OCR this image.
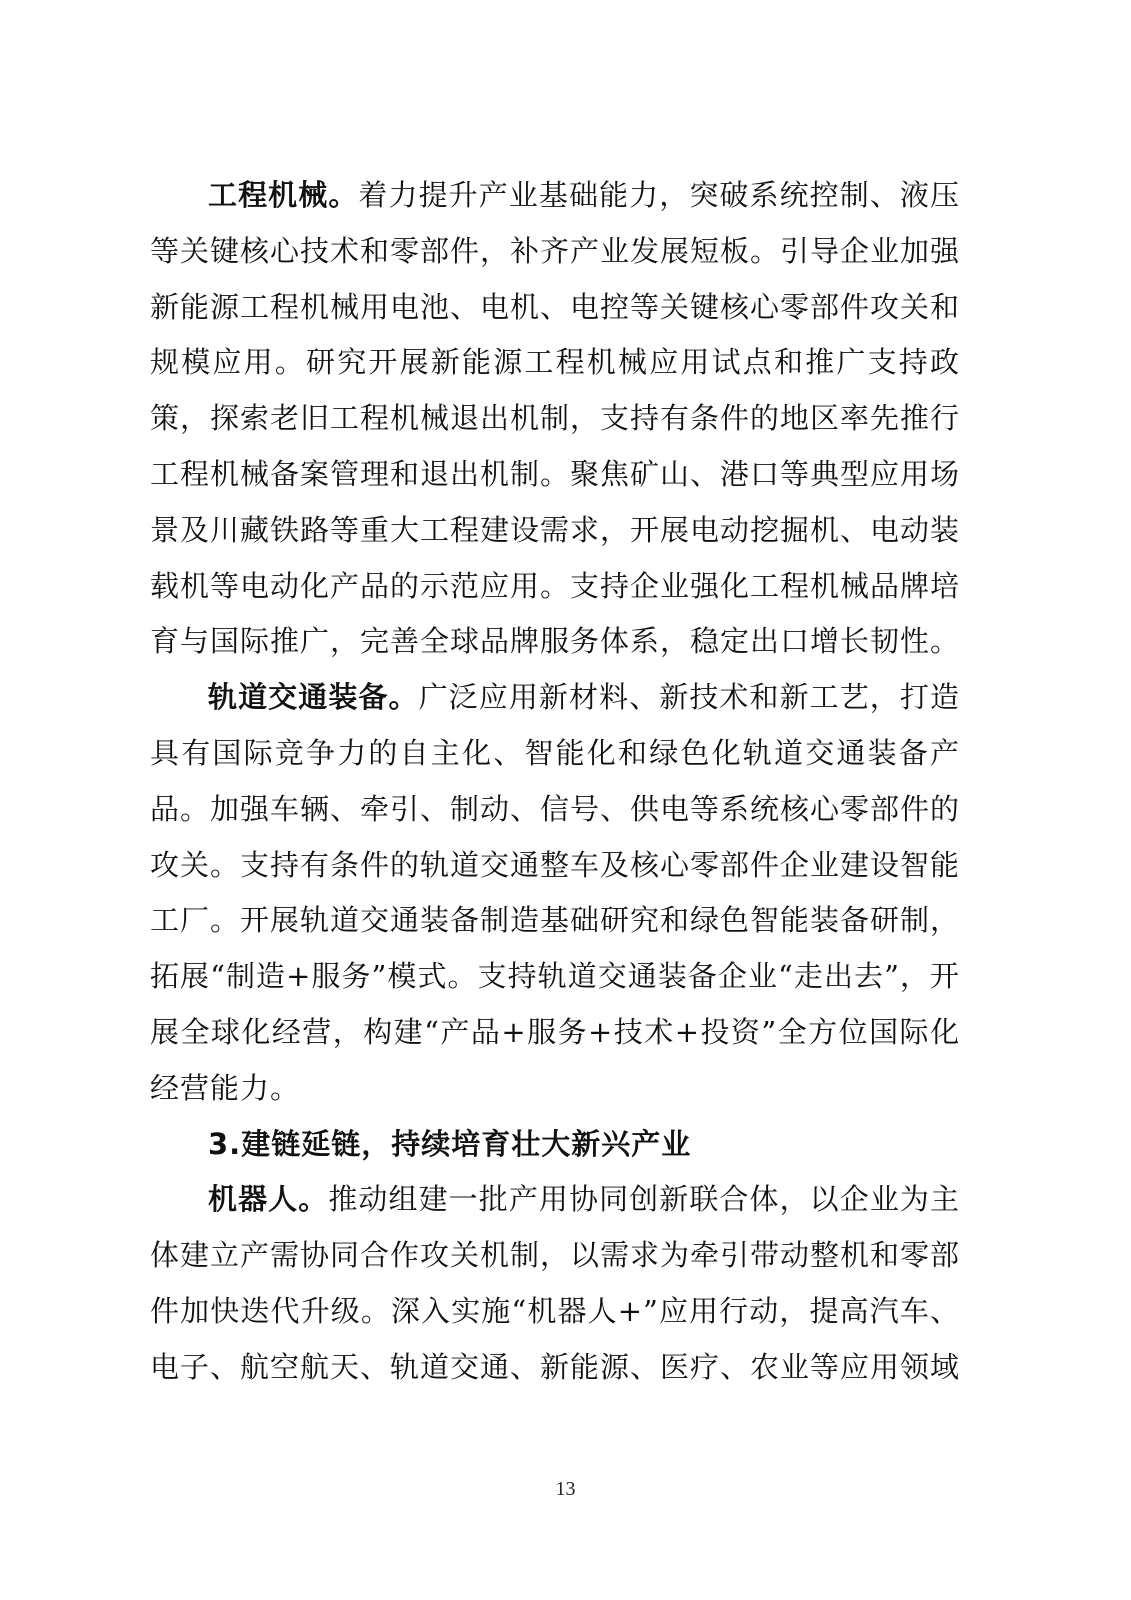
工程机械。着力提升产业基础能力，突破系统控制、液压等关键核心技术和零部件，补齐产业发展短板。引导企业加强新能源工程机械用电池、电机、电控等关键核心零部件攻关和规模应用。研究开展新能源工程机械应用试点和推广支持政策，探索老旧工程机械退出机制，支持有条件的地区率先推行工程机械备案管理和退出机制。聚焦矿山、港口等典型应用场景及川藏铁路等重大工程建设需求，开展电动挖掘机、电动装载机等电动化产品的示范应用。支持企业强化工程机械品牌培育与国际推广，完善全球品牌服务体系，稳定出口增长韧性。

轨道交通装备。广泛应用新材料、新技术和新工艺，打造具有国际竞争力的自主化、智能化和绿色化轨道交通装备产品。加强车辆、牵引、制动、信号、供电等系统核心零部件的攻关。支持有条件的轨道交通整车及核心零部件企业建设智能工厂。开展轨道交通装备制造基础研究和绿色智能装备研制，拓展“制造+服务”模式。支持轨道交通装备企业“走出去”，开展全球化经营，构建“产品+服务+技术+投资”全方位国际化经营能力。

3.建链延链，持续培育壮大新兴产业

机器人。推动组建一批产用协同创新联合体，以企业为主体建立产需协同合作攻关机制，以需求为牵引带动整机和零部件加快迭代升级。深入实施“机器人+”应用行动，提高汽车、电子、航空航天、轨道交通、新能源、医疗、农业等应用领域

13
